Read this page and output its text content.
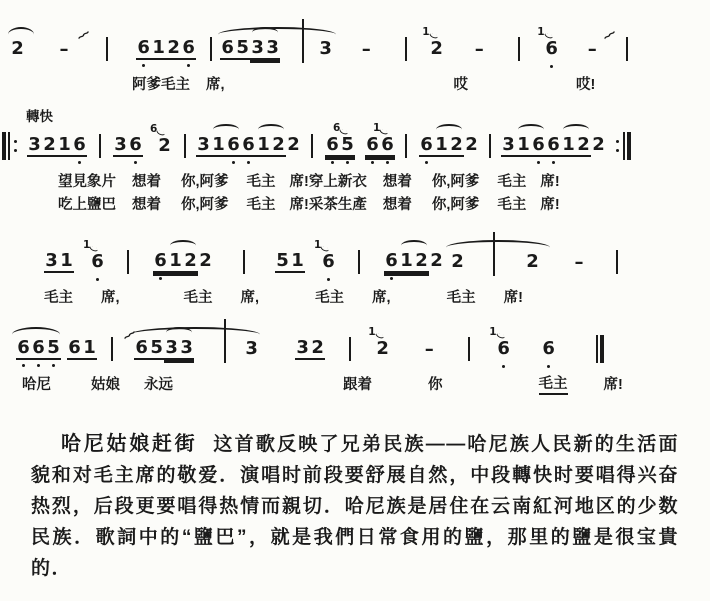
2 –
~~
6 1 2 6 6 5 3 3 3 –	2
1
–	6
1
–
~~
阿爹毛主 席,	哎	哎!
轉快
3 2 1 6 3 6 2
6̇
3 1 6 6 1 2 2 6 5
6̇
6 6
1
6 1 2 2 3 1 6 6 1 2 2
望見象片 想着 你,阿爹 毛主 席!穿上新衣 想着 你,阿爹 毛主 席!
吃上鹽巴 想着 你,阿爹 毛主 席!采茶生產 想着 你,阿爹 毛主 席!
3 1 6
1
6 1 2 2	5 1 6
1
6 1 2 2 2	2 –
毛主 席,	毛主 席,	毛主 席,	毛主 席!
6 6 5 6 1
~~
6 5 3 3	3 3 2	2
1
–	6
1
6
哈尼	姑娘 永远	跟着	你	毛主 席!

哈尼姑娘赶街 这首歌反映了兄弟民族——哈尼族人民新的生活面貌和对毛主席的敬爱．演唱时前段要舒展自然，中段轉快时要唱得兴奋热烈，后段更要唱得热情而親切．哈尼族是居住在云南紅河地区的少数民族．歌詞中的“鹽巴”，就是我們日常食用的鹽，那里的鹽是很宝貴的．
